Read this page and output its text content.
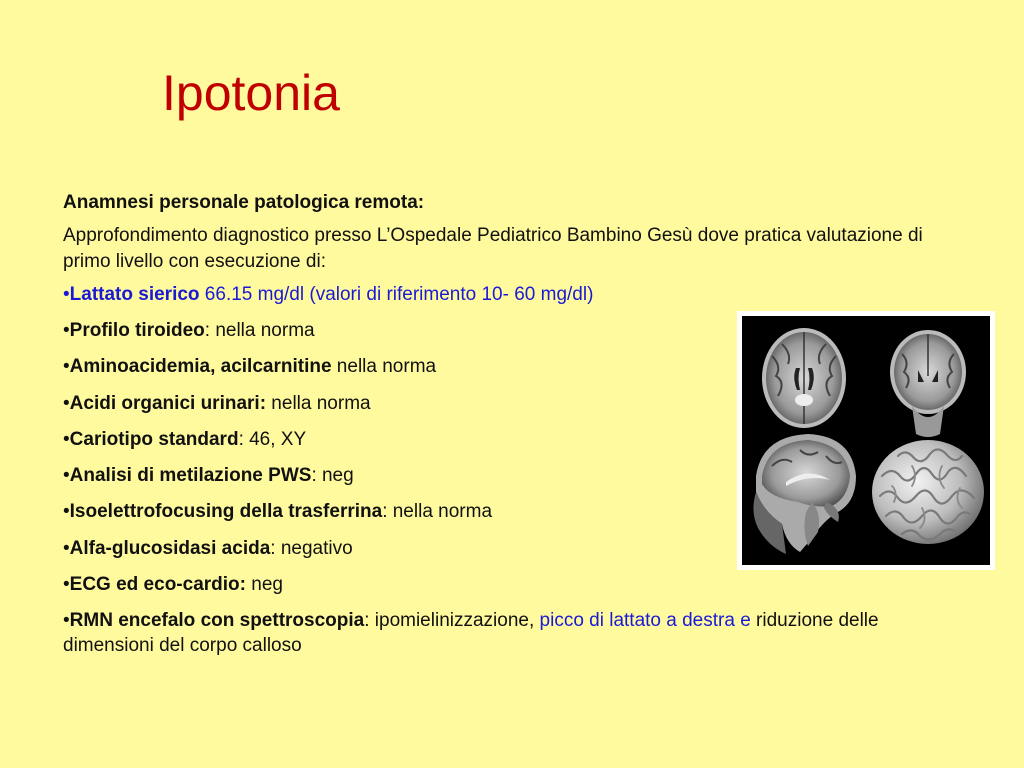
Ipotonia

Anamnesi personale patologica remota:

Approfondimento diagnostico presso L’Ospedale Pediatrico Bambino Gesù dove pratica valutazione di primo livello con esecuzione di:

•Lattato sierico 66.15 mg/dl (valori di riferimento 10- 60 mg/dl)
•Profilo tiroideo: nella norma
•Aminoacidemia, acilcarnitine nella norma
•Acidi organici urinari: nella norma
•Cariotipo standard: 46, XY
•Analisi di metilazione PWS: neg
•Isoelettrofocusing della trasferrina: nella norma
•Alfa-glucosidasi acida: negativo
•ECG ed eco-cardio: neg
•RMN encefalo con spettroscopia: ipomielinizzazione, picco di lattato a destra e riduzione delle dimensioni del corpo calloso
